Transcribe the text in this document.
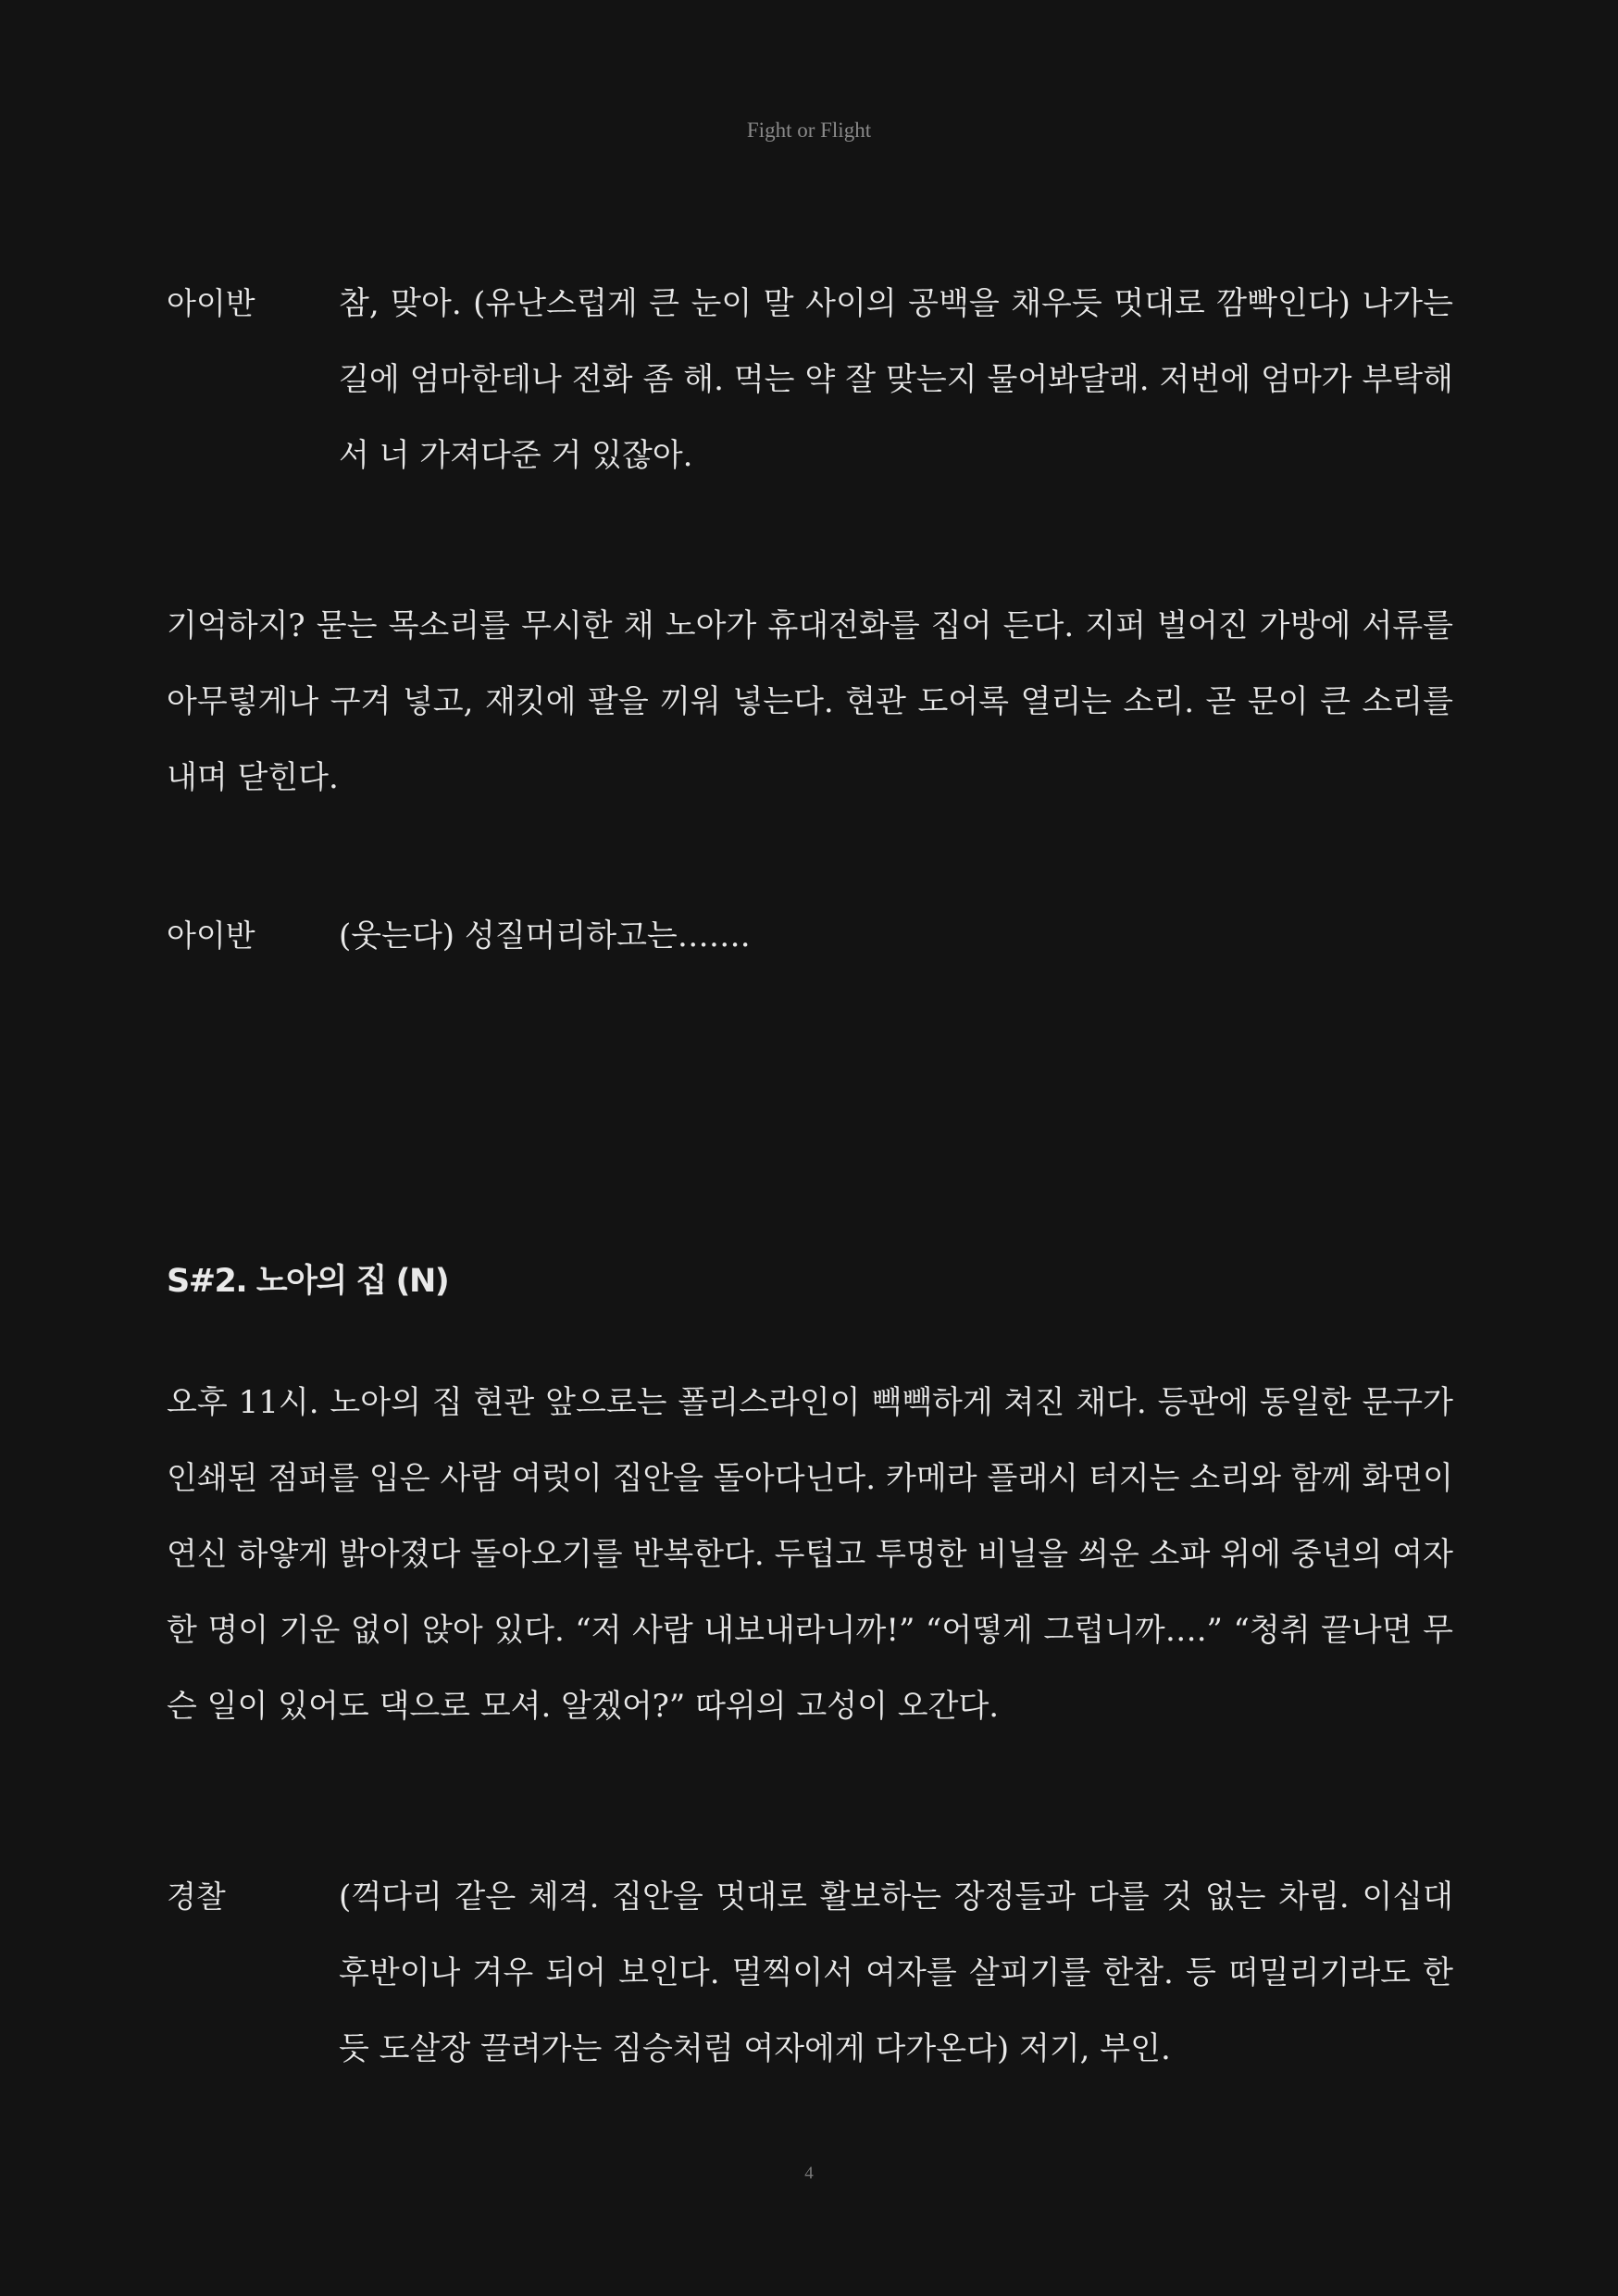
Fight or Flight
아이반	참, 맞아. (유난스럽게 큰 눈이 말 사이의 공백을 채우듯 멋대로 깜빡인다) 나가는 길에 엄마한테나 전화 좀 해. 먹는 약 잘 맞는지 물어봐달래. 저번에 엄마가 부탁해서 너 가져다준 거 있잖아.
기억하지? 묻는 목소리를 무시한 채 노아가 휴대전화를 집어 든다. 지퍼 벌어진 가방에 서류를 아무렇게나 구겨 넣고, 재킷에 팔을 끼워 넣는다. 현관 도어록 열리는 소리. 곧 문이 큰 소리를 내며 닫힌다.
아이반	(웃는다) 성질머리하고는…….
S#2. 노아의 집 (N)
오후 11시. 노아의 집 현관 앞으로는 폴리스라인이 빽빽하게 쳐진 채다. 등판에 동일한 문구가 인쇄된 점퍼를 입은 사람 여럿이 집안을 돌아다닌다. 카메라 플래시 터지는 소리와 함께 화면이 연신 하얗게 밝아졌다 돌아오기를 반복한다. 두텁고 투명한 비닐을 씌운 소파 위에 중년의 여자 한 명이 기운 없이 앉아 있다. “저 사람 내보내라니까!” “어떻게 그럽니까….” “청취 끝나면 무슨 일이 있어도 댁으로 모셔. 알겠어?” 따위의 고성이 오간다.
경찰	(꺽다리 같은 체격. 집안을 멋대로 활보하는 장정들과 다를 것 없는 차림. 이십대 후반이나 겨우 되어 보인다. 멀찍이서 여자를 살피기를 한참. 등 떠밀리기라도 한 듯 도살장 끌려가는 짐승처럼 여자에게 다가온다) 저기, 부인.
4
